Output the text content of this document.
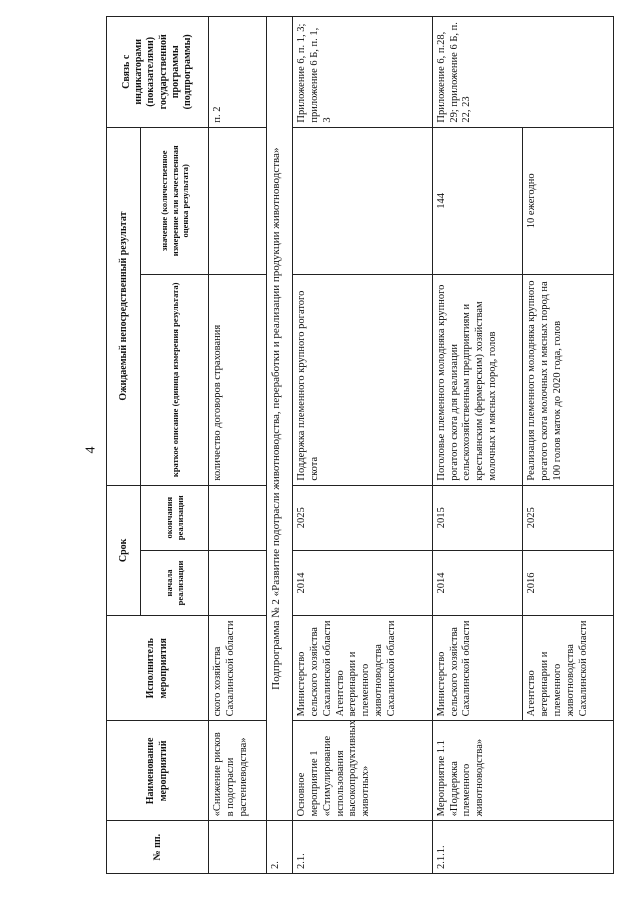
4
№ пп.	Наименование мероприятий	Исполнитель мероприятия	Срок		Ожидаемый непосредственный результат		Связь с индикаторами (показателями) государственной программы (подпрограммы)
			начала реализации	окончания реализации	краткое описание (единица измерения результата)	значение (количественное измерение или качественная оценка результата)	
	«Снижение рисков в подотрасли растениеводства»	ского хозяйства Сахалинской области			количество договоров страхования		п. 2
2.	Подпрограмма № 2 «Развитие подотрасли животноводства, переработки и реализации продукции животноводства»						
2.1.	Основное мероприятие 1 «Стимулирование использования высокопродуктивных животных»	Министерство сельского хозяйства Сахалинской области Агентство ветеринарии и племенного животноводства Сахалинской области	2014	2025	Поддержка племенного крупного рогатого скота		Приложение 6, п. 1, 3; приложение 6 Б, п. 1, 3
2.1.1.	Мероприятие 1.1 «Поддержка племенного животноводства»	Министерство сельского хозяйства Сахалинской области	2014	2015	Поголовье племенного молодняка крупного рогатого скота для реализации сельскохозяйственным предприятиям и крестьянским (фермерским) хозяйствам молочных и мясных пород, голов	144	Приложение 6, п.28, 29; приложение 6 Б, п. 22, 23
		Агентство ветеринарии и племенного животноводства Сахалинской области	2016	2025	Реализация племенного молодняка крупного рогатого скота молочных и мясных пород на 100 голов маток до 2020 года, голов	10 ежегодно	
